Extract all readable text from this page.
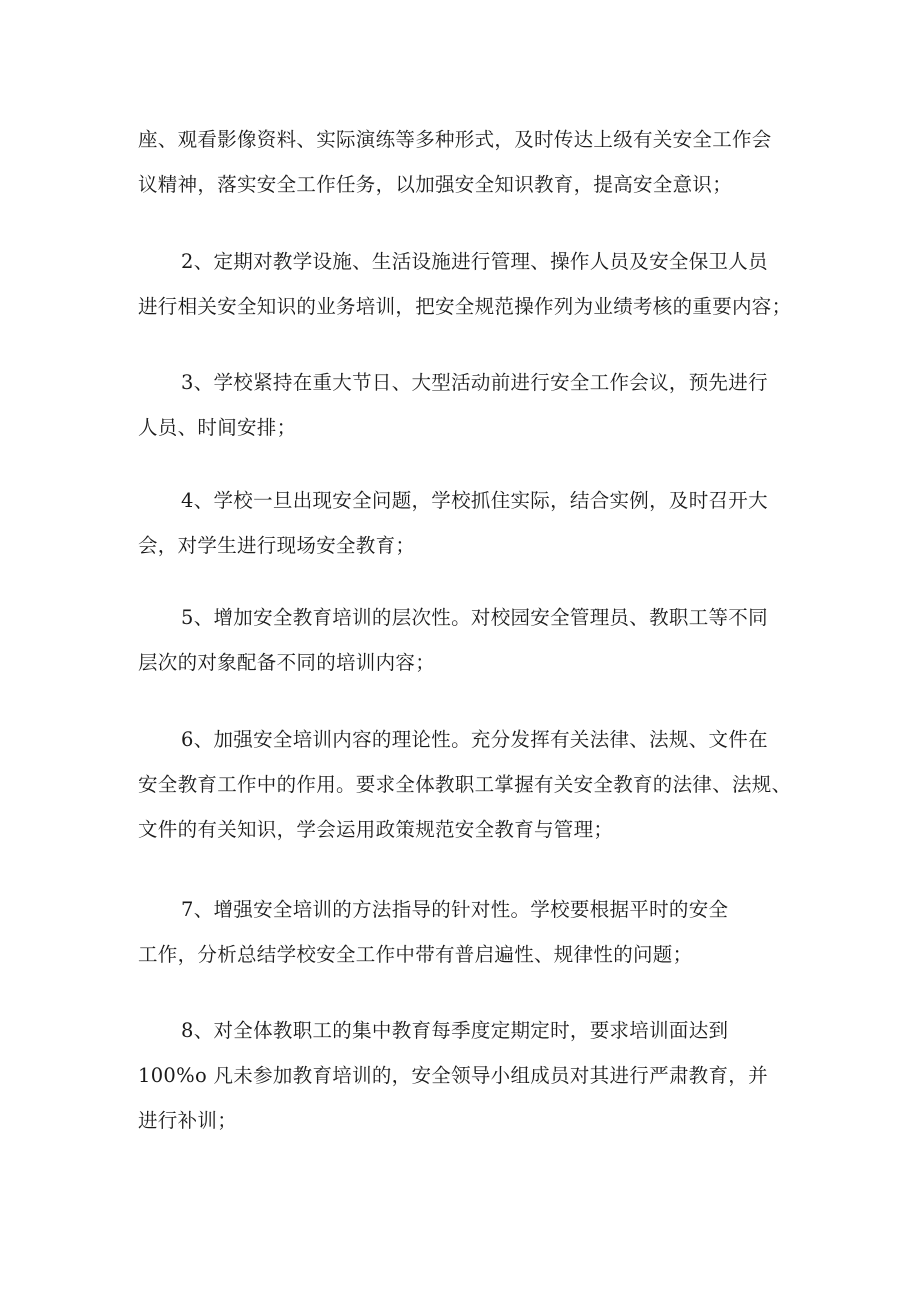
座、观看影像资料、实际演练等多种形式，及时传达上级有关安全工作会
议精神，落实安全工作任务，以加强安全知识教育，提高安全意识；
2、定期对教学设施、生活设施进行管理、操作人员及安全保卫人员
进行相关安全知识的业务培训，把安全规范操作列为业绩考核的重要内容；
3、学校紧持在重大节日、大型活动前进行安全工作会议，预先进行
人员、时间安排；
4、学校一旦出现安全问题，学校抓住实际，结合实例，及时召开大
会，对学生进行现场安全教育；
5、增加安全教育培训的层次性。对校园安全管理员、教职工等不同
层次的对象配备不同的培训内容；
6、加强安全培训内容的理论性。充分发挥有关法律、法规、文件在
安全教育工作中的作用。要求全体教职工掌握有关安全教育的法律、法规、
文件的有关知识，学会运用政策规范安全教育与管理；
7、增强安全培训的方法指导的针对性。学校要根据平时的安全
工作，分析总结学校安全工作中带有普启遍性、规律性的问题；
8、对全体教职工的集中教育每季度定期定时，要求培训面达到
100%o 凡未参加教育培训的，安全领导小组成员对其进行严肃教育，并
进行补训；
